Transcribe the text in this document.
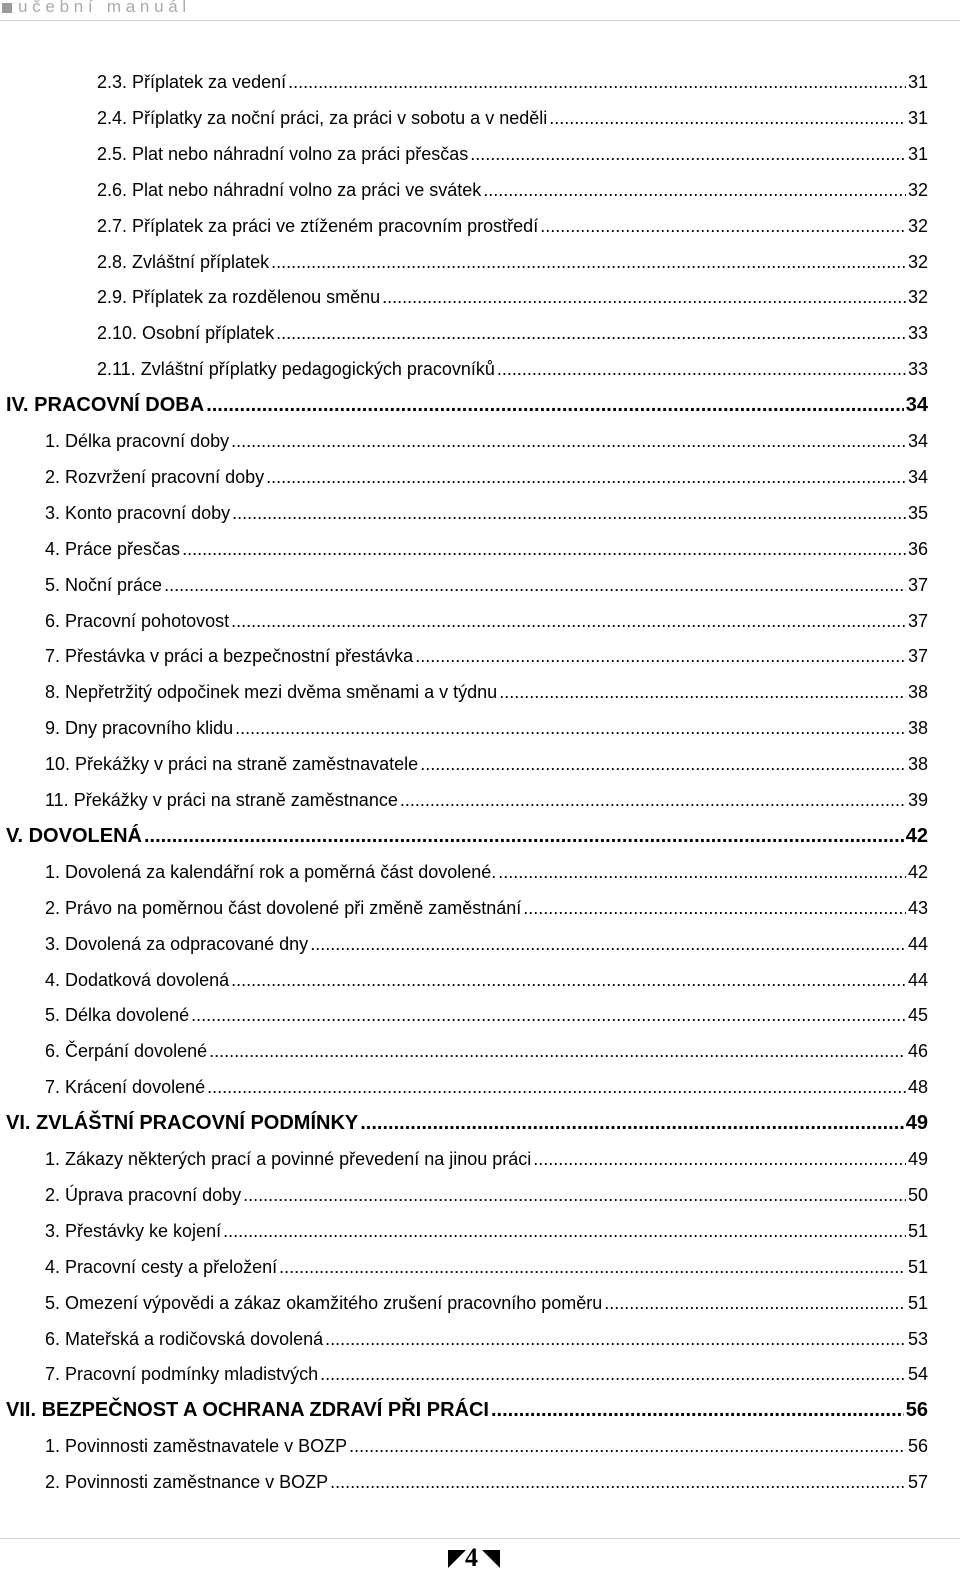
u č e b n í   m a n u á l
2.3. Příplatek za vedení .....	31
2.4. Příplatky za noční práci, za práci v sobotu a v neděli .....	31
2.5. Plat nebo náhradní volno za práci přesčas .....	31
2.6. Plat nebo náhradní volno za práci ve svátek .....	32
2.7. Příplatek za práci ve ztíženém pracovním prostředí .....	32
2.8. Zvláštní příplatek .....	32
2.9. Příplatek za rozdělenou směnu .....	32
2.10. Osobní příplatek .....	33
2.11. Zvláštní příplatky pedagogických pracovníků .....	33
IV. PRACOVNÍ DOBA .....	34
1. Délka pracovní doby .....	34
2. Rozvržení pracovní doby .....	34
3. Konto pracovní doby .....	35
4. Práce přesčas .....	36
5. Noční práce .....	37
6. Pracovní pohotovost .....	37
7. Přestávka v práci a bezpečnostní přestávka .....	37
8. Nepřetržitý odpočinek mezi dvěma směnami a v týdnu .....	38
9. Dny pracovního klidu .....	38
10. Překážky v práci na straně zaměstnavatele .....	38
11. Překážky v práci na straně zaměstnance .....	39
V. DOVOLENÁ .....	42
1. Dovolená za kalendářní rok a poměrná část dovolené. .....	42
2. Právo na poměrnou část dovolené při změně zaměstnání .....	43
3. Dovolená za odpracované dny .....	44
4. Dodatková dovolená .....	44
5. Délka dovolené .....	45
6. Čerpání dovolené .....	46
7. Krácení dovolené .....	48
VI. ZVLÁŠTNÍ PRACOVNÍ PODMÍNKY .....	49
1. Zákazy některých prací a povinné převedení na jinou práci .....	49
2. Úprava pracovní doby .....	50
3. Přestávky ke kojení .....	51
4. Pracovní cesty a přeložení .....	51
5. Omezení výpovědi a zákaz okamžitého zrušení pracovního poměru .....	51
6. Mateřská a rodičovská dovolená .....	53
7. Pracovní podmínky mladistvých .....	54
VII. BEZPEČNOST A OCHRANA ZDRAVÍ PŘI PRÁCI .....	56
1. Povinnosti zaměstnavatele v BOZP .....	56
2. Povinnosti zaměstnance v BOZP .....	57
4
